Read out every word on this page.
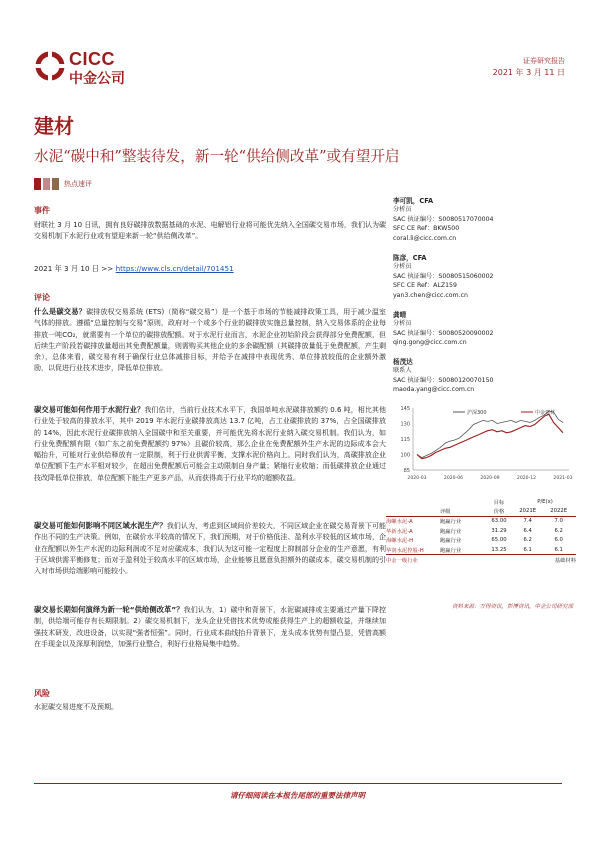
CICC
中金公司
证券研究报告
2021 年 3 月 11 日
建材
水泥“碳中和”整装待发，新一轮“供给侧改革”或有望开启
热点速评
事件
财联社 3 月 10 日讯，拥有良好碳排放数据基础的水泥、电解铝行业将可能优先纳入全国碳交易市场，我们认为碳交易机制下水泥行业或有望迎来新一轮“供给侧改革”。
2021 年 3 月 10 日 >> https://www.cls.cn/detail/701451
评论
什么是碳交易？碳排放权交易系统 (ETS)（简称“碳交易”）是一个基于市场的节能减排政策工具，用于减少温室气体的排放。遵循“总量控制与交易”原则，政府对一个或多个行业的碳排放实施总量控制，纳入交易体系的企业每排放一吨CO₂，就需要有一个单位的碳排放配额。对于水泥行业而言，水泥企业初始阶段会获得部分免费配额，但后续生产阶段若碳排放量超出其免费配额量，则需购买其他企业的多余碳配额（其碳排放量低于免费配额，产生剩余），总体来看，碳交易有利于确保行业总体减排目标，并给予在减排中表现优秀、单位排放较低的企业额外激励，以促进行业技术进步，降低单位排放。
碳交易可能如何作用于水泥行业？我们估计，当前行业技术水平下，我国单吨水泥碳排放额约 0.6 吨，相比其他行业处于较高的排放水平，其中 2019 年水泥行业碳排放高达 13.7 亿吨，占工业碳排放的 37%，占全国碳排放的 14%，因此水泥行业碳排放纳入全国碳中和至关重要，并可能优先将水泥行业纳入碳交易机制。我们认为，如行业免费配额有限（如广东之前免费配额约 97%）且碳价较高，那么企业在免费配额外生产水泥的边际成本会大幅抬升，可能对行业供给释放有一定限制，利于行业供需平衡，支撑水泥价格向上。同时我们认为，高碳排放企业单位配额下生产水平相对较少，在超出免费配额后可能会主动限制自身产量；紧缩行业收缩；而低碳排放企业通过技改降低单位排放，单位配额下能生产更多产品，从而获得高于行业平均的超额收益。
碳交易可能如何影响不同区域水泥生产？我们认为，考虑到区域间价差较大，不同区域企业在碳交易背景下可能作出不同的生产决策。例如，在碳价水平较高的情况下，我们预期，对于价格低洼、盈利水平较低的区域市场，企业在配额以外生产水泥的边际利润或不足对应碳成本，我们认为这可能一定程度上抑制部分企业的生产意愿，有利于区域供需平衡修复；而对于盈利处于较高水平的区域市场，企业能够且愿意负担额外的碳成本，碳交易机制的引入对市场供给端影响可能较小。
碳交易长期如何演绎为新一轮“供给侧改革”？我们认为，1）碳中和背景下，水泥碳减排或主要通过产量下降控制，供给端可能存有长期限制。2）碳交易机制下，龙头企业凭借技术优势或能获得生产上的超额收益，并继续加强技术研发，改进设备，以实现“强者恒强”。同时，行业成本曲线抬升背景下，龙头成本优势有望凸显，凭借高额在手现金以及深厚利润垫，加强行业整合，利好行业格局集中趋势。
风险
水泥碳交易进度不及预期。
李可凯，CFA
分析员
SAC 执证编号：S0080517070004
SFC CE Ref：BKW500
coral.li@cicc.com.cn
陈彦，CFA
分析员
SAC 执证编号：S0080515060002
SFC CE Ref：ALZ159
yan3.chen@cicc.com.cn
龚晴
分析员
SAC 执证编号：S0080520090002
qing.gong@cicc.com.cn
杨茂达
联系人
SAC 执证编号：S0080120070150
maoda.yang@cicc.com.cn
145
130
115
100
85
2020-03	2020-06	2020-09	2020-12	2021-03
沪深300	中金建材
		目标	P/E(x)	
	评级	价格	2021E	2022E
海螺水泥-A	跑赢行业	63.00	7.4	7.0
华新水泥-A	跑赢行业	31.29	6.4	6.2
海螺水泥-H	跑赢行业	65.00	6.2	6.0
华润水泥控股-H	跑赢行业	13.25	6.1	6.1
中金一级行业				基础材料
资料来源：万得资讯，彭博资讯，中金公司研究部
请仔细阅读在本报告尾部的重要法律声明
